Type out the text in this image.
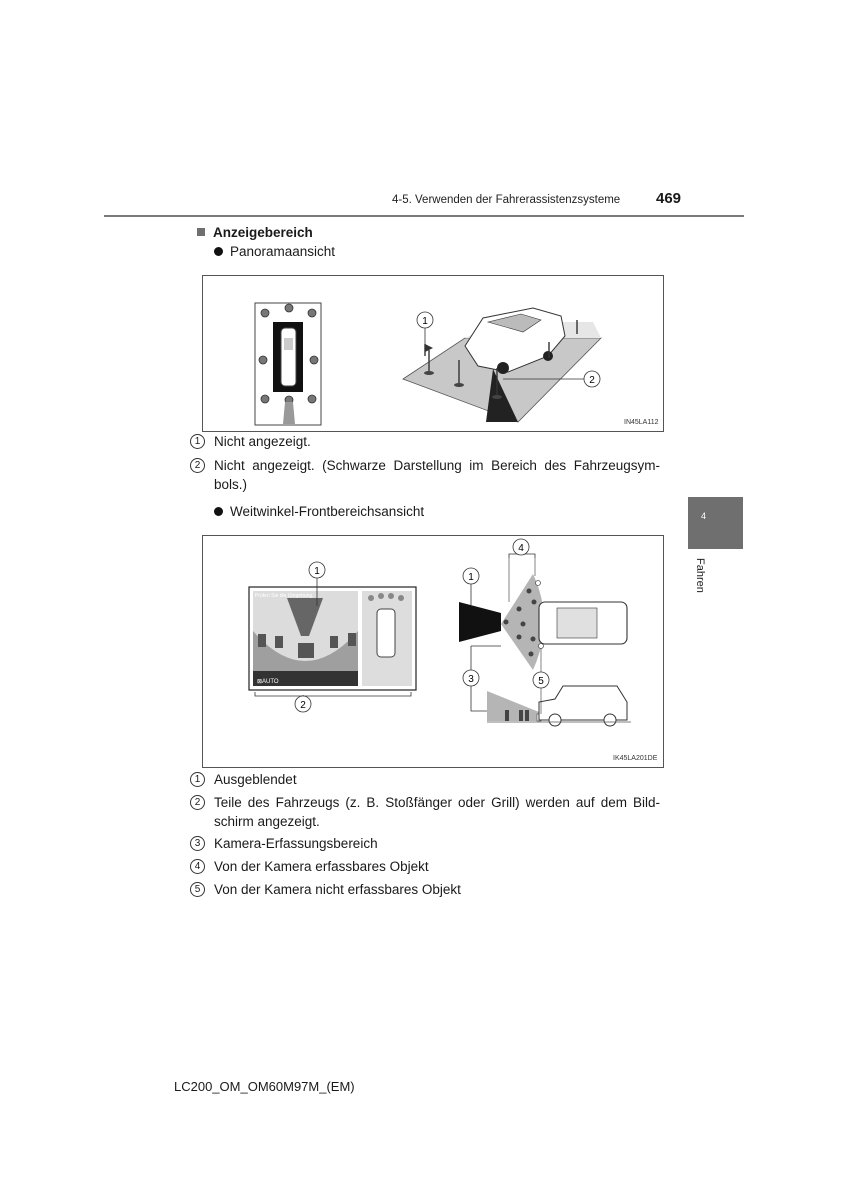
4-5. Verwenden der Fahrerassistenzsysteme 469
4
Fahren
Anzeigebereich
Panoramaansicht
1
2
IN45LA112
1	Nicht angezeigt.
2	Nicht angezeigt. (Schwarze Darstellung im Bereich des Fahrzeugsym- bols.)
Weitwinkel-Frontbereichsansicht
Prüfen Sie die Umgebung.
⊠AUTO
1
2
4
1
3	5
IK45LA201DE
1	Ausgeblendet
2	Teile des Fahrzeugs (z. B. Stoßfänger oder Grill) werden auf dem Bild- schirm angezeigt.
3	Kamera-Erfassungsbereich
4	Von der Kamera erfassbares Objekt
5	Von der Kamera nicht erfassbares Objekt
LC200_OM_OM60M97M_(EM)
